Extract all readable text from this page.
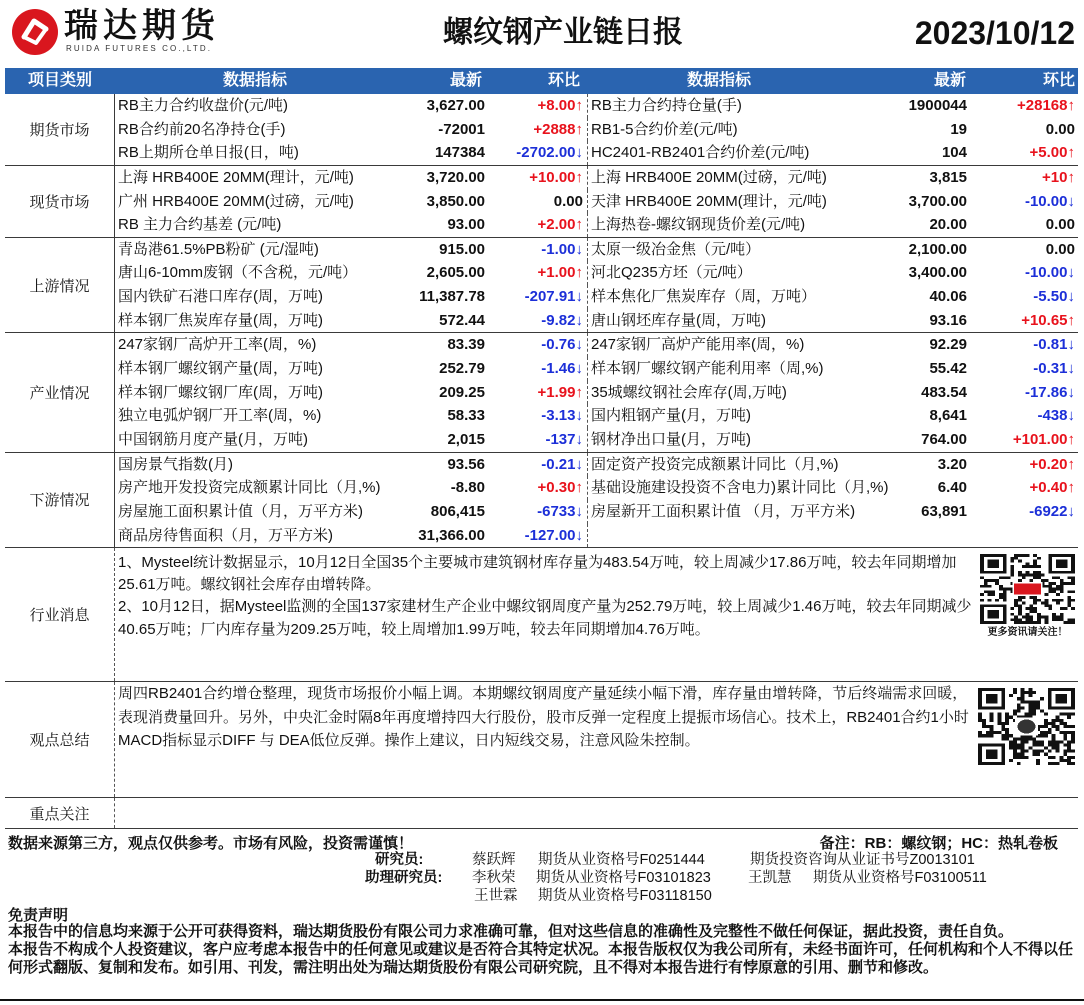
瑞达期货
RUIDA FUTURES CO.,LTD.	螺纹钢产业链日报	2023/10/12
项目类别	数据指标	最新	环比	数据指标	最新	环比
期货市场
RB主力合约收盘价(元/吨)	3,627.00	+8.00↑ RB主力合约持仓量(手)	1900044	+28168↑
RB合约前20名净持仓(手)	-72001	+2888↑ RB1-5合约价差(元/吨)	19	0.00
RB上期所仓单日报(日，吨)	147384	-2702.00↓ HC2401-RB2401合约价差(元/吨)	104	+5.00↑
现货市场
上海 HRB400E 20MM(理计，元/吨)	3,720.00	+10.00↑ 上海 HRB400E 20MM(过磅，元/吨)	3,815	+10↑
广州 HRB400E 20MM(过磅，元/吨)	3,850.00	0.00 天津 HRB400E 20MM(理计，元/吨)	3,700.00	-10.00↓
RB 主力合约基差 (元/吨)	93.00	+2.00↑ 上海热卷-螺纹钢现货价差(元/吨)	20.00	0.00
上游情况
青岛港61.5%PB粉矿 (元/湿吨)	915.00	-1.00↓ 太原一级冶金焦（元/吨）	2,100.00	0.00
唐山6-10mm废钢（不含税，元/吨）	2,605.00	+1.00↑ 河北Q235方坯（元/吨）	3,400.00	-10.00↓
国内铁矿石港口库存(周，万吨)	11,387.78	-207.91↓ 样本焦化厂焦炭库存（周，万吨）	40.06	-5.50↓
样本钢厂焦炭库存量(周，万吨)	572.44	-9.82↓ 唐山钢坯库存量(周，万吨)	93.16	+10.65↑
产业情况
247家钢厂高炉开工率(周，%)	83.39	-0.76↓ 247家钢厂高炉产能用率(周，%)	92.29	-0.81↓
样本钢厂螺纹钢产量(周，万吨)	252.79	-1.46↓ 样本钢厂螺纹钢产能利用率（周,%)	55.42	-0.31↓
样本钢厂螺纹钢厂库(周，万吨)	209.25	+1.99↑ 35城螺纹钢社会库存(周,万吨)	483.54	-17.86↓
独立电弧炉钢厂开工率(周，%)	58.33	-3.13↓ 国内粗钢产量(月，万吨)	8,641	-438↓
中国钢筋月度产量(月，万吨)	2,015	-137↓ 钢材净出口量(月，万吨)	764.00	+101.00↑
下游情况
国房景气指数(月)	93.56	-0.21↓ 固定资产投资完成额累计同比（月,%)	3.20	+0.20↑
房产地开发投资完成额累计同比（月,%)	-8.80	+0.30↑ 基础设施建设投资不含电力)累计同比（月,%)	6.40	+0.40↑
房屋施工面积累计值（月，万平方米)	806,415	-6733↓ 房屋新开工面积累计值 （月，万平方米)	63,891	-6922↓
商品房待售面积（月，万平方米)	31,366.00	-127.00↓
行业消息
1、Mysteel统计数据显示，10月12日全国35个主要城市建筑钢材库存量为483.54万吨，较上周减少17.86万吨，较去年同期增加25.61万吨。螺纹钢社会库存由增转降。
2、10月12日，据Mysteel监测的全国137家建材生产企业中螺纹钢周度产量为252.79万吨，较上周减少1.46万吨，较去年同期减少40.65万吨；厂内库存量为209.25万吨，较上周增加1.99万吨，较去年同期增加4.76万吨。	更多资讯请关注！
观点总结
周四RB2401合约增仓整理，现货市场报价小幅上调。本期螺纹钢周度产量延续小幅下滑，库存量由增转降，节后终端需求回暖，表现消费量回升。另外，中央汇金时隔8年再度增持四大行股份，股市反弹一定程度上提振市场信心。技术上，RB2401合约1小时 MACD指标显示DIFF 与 DEA低位反弹。操作上建议，日内短线交易，注意风险朱控制。
重点关注
数据来源第三方，观点仅供参考。市场有风险，投资需谨慎！	备注：RB：螺纹钢；HC：热轧卷板
研究员:	蔡跃辉 期货从业资格号F0251444	期货投资咨询从业证书号Z0013101
助理研究员: 李秋荣 期货从业资格号F03101823	王凯慧 期货从业资格号F03100511
王世霖 期货从业资格号F03118150
免责声明
本报告中的信息均来源于公开可获得资料，瑞达期货股份有限公司力求准确可靠，但对这些信息的准确性及完整性不做任何保证，据此投资，责任自负。
本报告不构成个人投资建议，客户应考虑本报告中的任何意见或建议是否符合其特定状况。本报告版权仅为我公司所有，未经书面许可，任何机构和个人不得以任何形式翻版、复制和发布。如引用、刊发，需注明出处为瑞达期货股份有限公司研究院，且不得对本报告进行有悖原意的引用、删节和修改。
